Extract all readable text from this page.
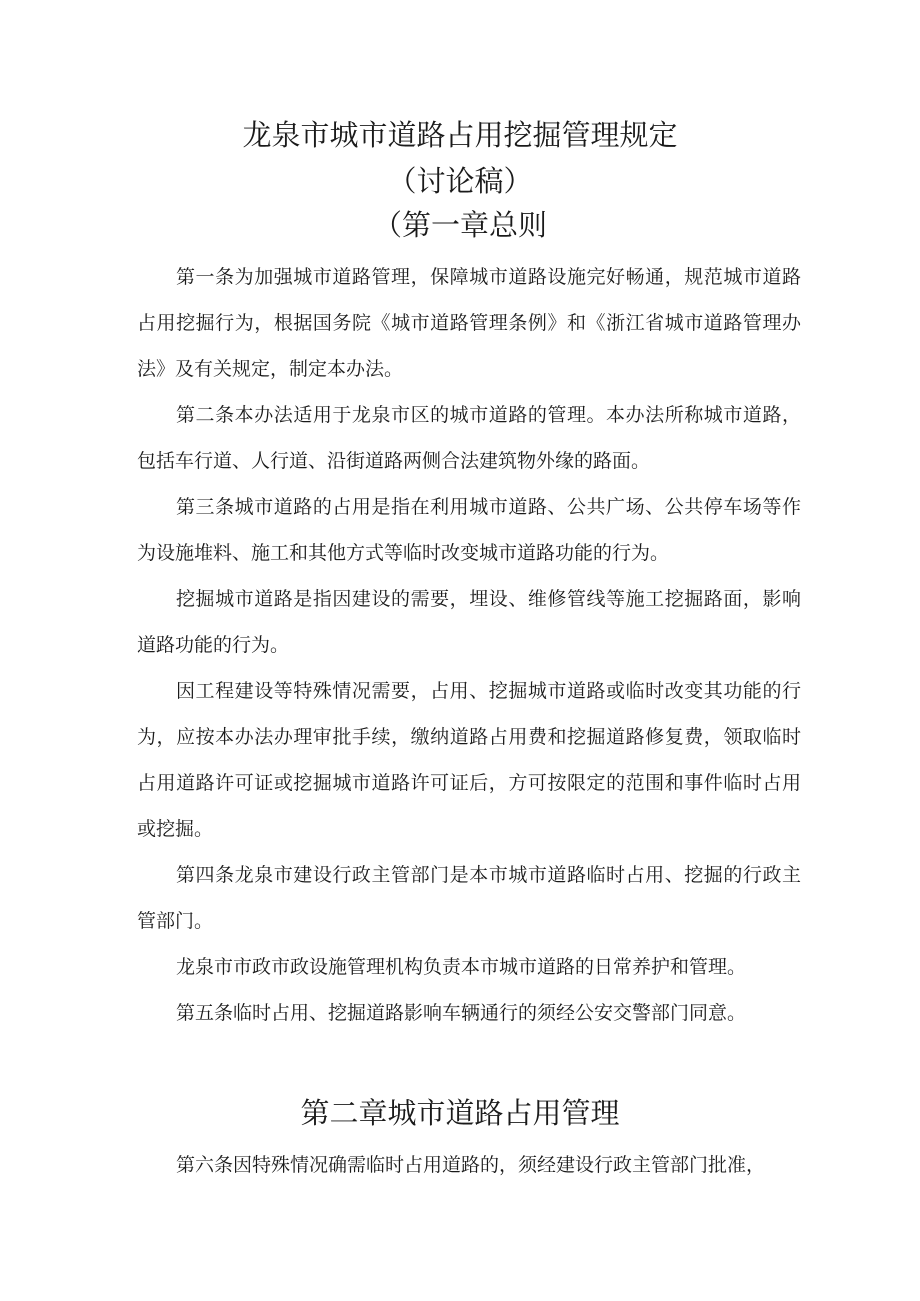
龙泉市城市道路占用挖掘管理规定
（讨论稿）
（第一章总则

第一条为加强城市道路管理，保障城市道路设施完好畅通，规范城市道路占用挖掘行为，根据国务院《城市道路管理条例》和《浙江省城市道路管理办法》及有关规定，制定本办法。

第二条本办法适用于龙泉市区的城市道路的管理。本办法所称城市道路，包括车行道、人行道、沿街道路两侧合法建筑物外缘的路面。

第三条城市道路的占用是指在利用城市道路、公共广场、公共停车场等作为设施堆料、施工和其他方式等临时改变城市道路功能的行为。

挖掘城市道路是指因建设的需要，埋设、维修管线等施工挖掘路面，影响道路功能的行为。

因工程建设等特殊情况需要，占用、挖掘城市道路或临时改变其功能的行为，应按本办法办理审批手续，缴纳道路占用费和挖掘道路修复费，领取临时占用道路许可证或挖掘城市道路许可证后，方可按限定的范围和事件临时占用或挖掘。

第四条龙泉市建设行政主管部门是本市城市道路临时占用、挖掘的行政主管部门。

龙泉市市政市政设施管理机构负责本市城市道路的日常养护和管理。

第五条临时占用、挖掘道路影响车辆通行的须经公安交警部门同意。

第二章城市道路占用管理

第六条因特殊情况确需临时占用道路的，须经建设行政主管部门批准，
